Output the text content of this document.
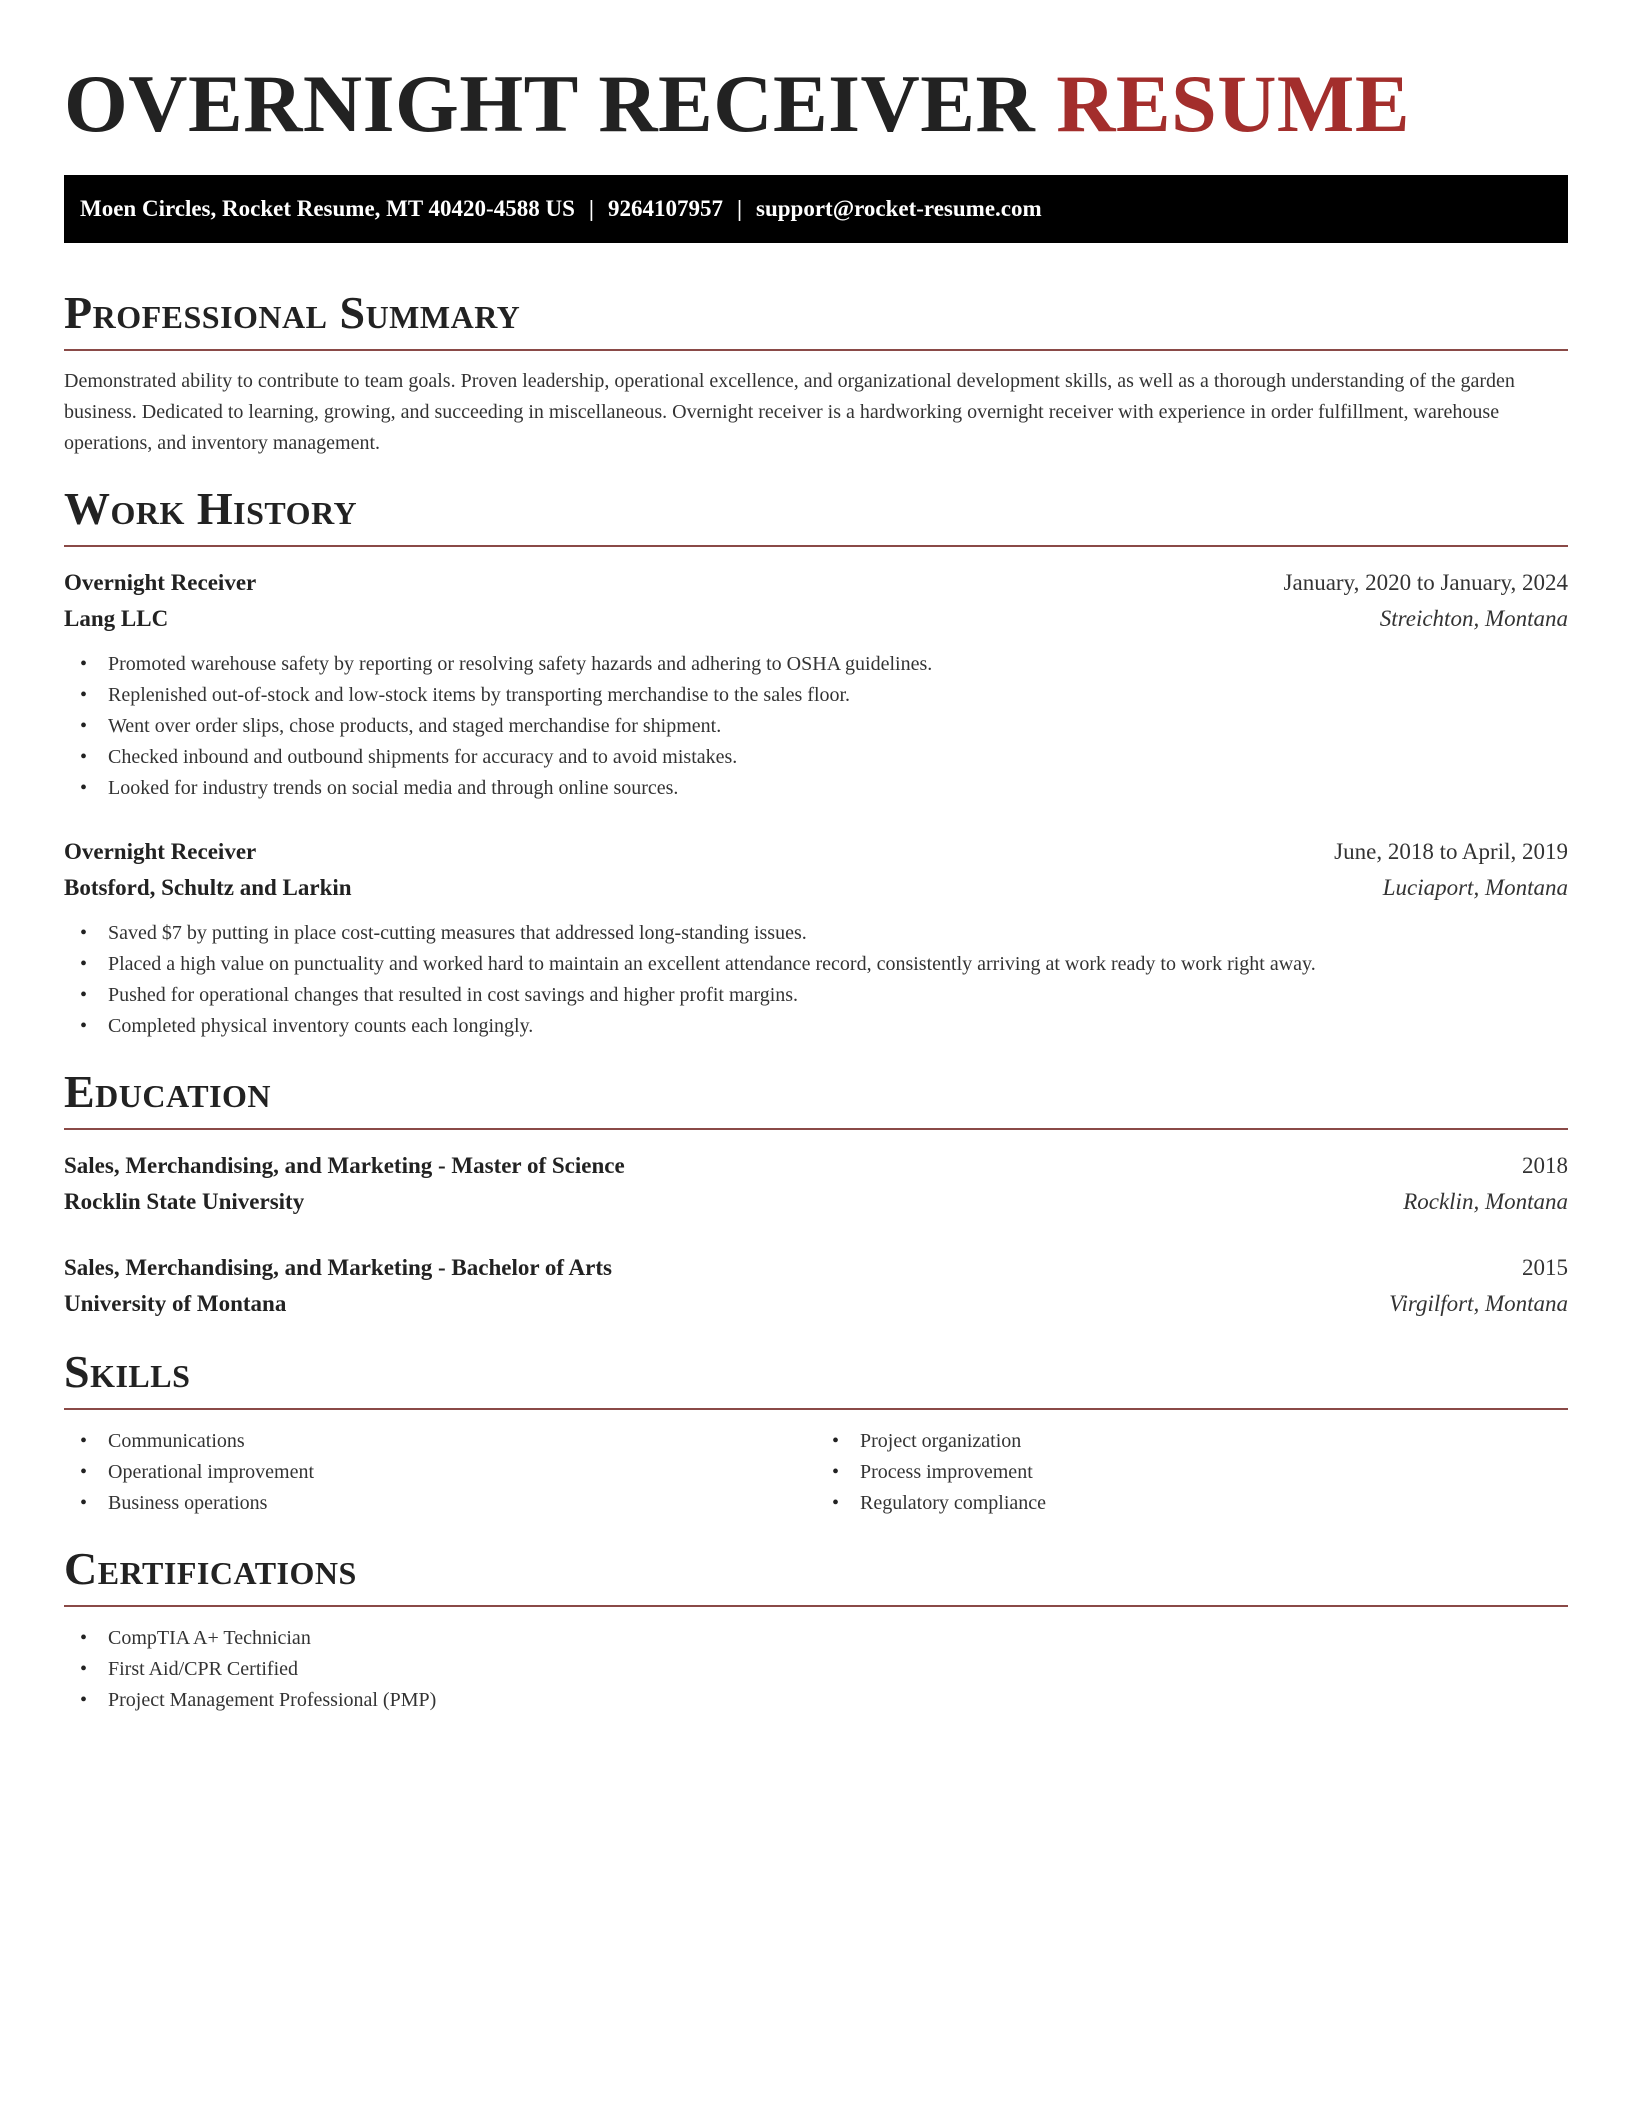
OVERNIGHT RECEIVER RESUME
Moen Circles, Rocket Resume, MT 40420-4588 US | 9264107957 | support@rocket-resume.com
Professional Summary

Demonstrated ability to contribute to team goals. Proven leadership, operational excellence, and organizational development skills, as well as a thorough understanding of the garden business. Dedicated to learning, growing, and succeeding in miscellaneous. Overnight receiver is a hardworking overnight receiver with experience in order fulfillment, warehouse operations, and inventory management.

Work History
Overnight Receiver	January, 2020 to January, 2024
Lang LLC	Streichton, Montana
• Promoted warehouse safety by reporting or resolving safety hazards and adhering to OSHA guidelines.
• Replenished out-of-stock and low-stock items by transporting merchandise to the sales floor.
• Went over order slips, chose products, and staged merchandise for shipment.
• Checked inbound and outbound shipments for accuracy and to avoid mistakes.
• Looked for industry trends on social media and through online sources.
Overnight Receiver	June, 2018 to April, 2019
Botsford, Schultz and Larkin	Luciaport, Montana
• Saved $7 by putting in place cost-cutting measures that addressed long-standing issues.
• Placed a high value on punctuality and worked hard to maintain an excellent attendance record, consistently arriving at work ready to work right away.
• Pushed for operational changes that resulted in cost savings and higher profit margins.
• Completed physical inventory counts each longingly.
Education
Sales, Merchandising, and Marketing - Master of Science	2018
Rocklin State University	Rocklin, Montana
Sales, Merchandising, and Marketing - Bachelor of Arts	2015
University of Montana	Virgilfort, Montana
Skills
• Communications
• Operational improvement
• Business operations
• Project organization
• Process improvement
• Regulatory compliance
Certifications
• CompTIA A+ Technician
• First Aid/CPR Certified
• Project Management Professional (PMP)
